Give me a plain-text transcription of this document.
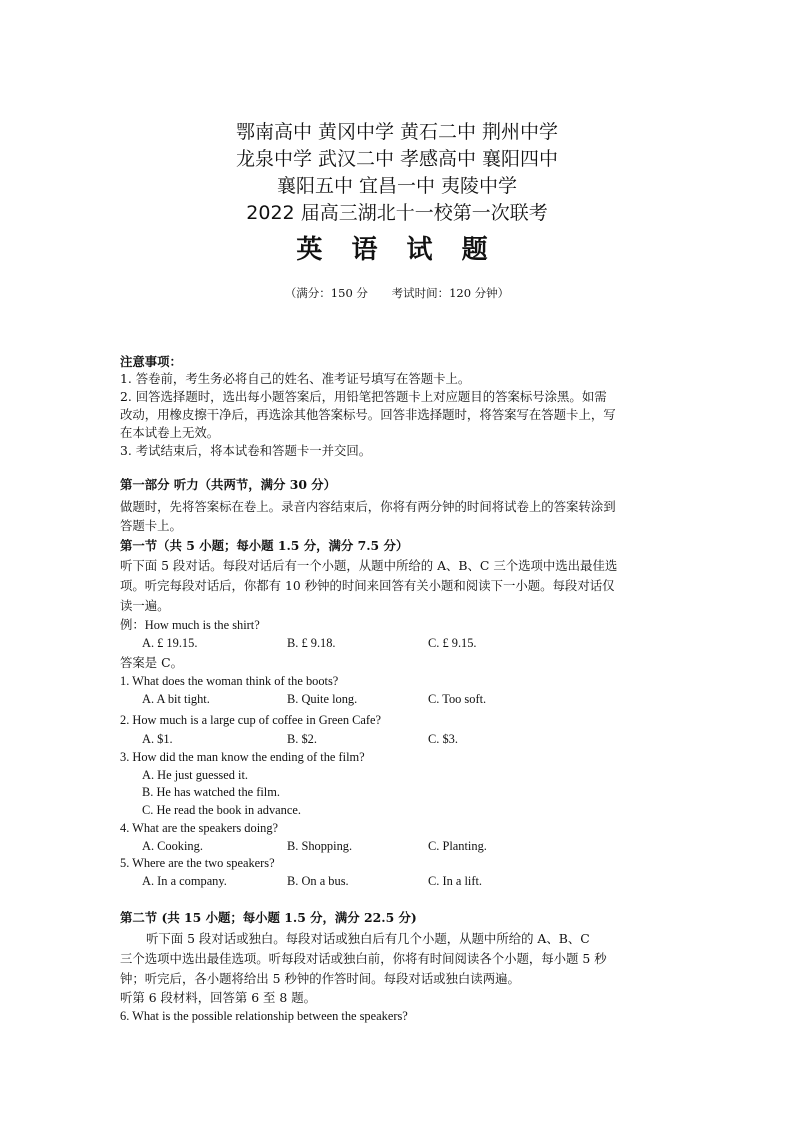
鄂南高中 黄冈中学 黄石二中 荆州中学
龙泉中学 武汉二中 孝感高中 襄阳四中
襄阳五中 宜昌一中 夷陵中学
2022 届高三湖北十一校第一次联考
英 语 试 题
（满分：150 分 考试时间：120 分钟）
注意事项：
1. 答卷前，考生务必将自己的姓名、准考证号填写在答题卡上。
2. 回答选择题时，选出每小题答案后，用铅笔把答题卡上对应题目的答案标号涂黑。如需
改动，用橡皮擦干净后，再选涂其他答案标号。回答非选择题时，将答案写在答题卡上，写
在本试卷上无效。
3. 考试结束后，将本试卷和答题卡一并交回。
第一部分 听力（共两节，满分 30 分）
做题时，先将答案标在卷上。录音内容结束后，你将有两分钟的时间将试卷上的答案转涂到
答题卡上。
第一节（共 5 小题；每小题 1.5 分，满分 7.5 分）
听下面 5 段对话。每段对话后有一个小题，从题中所给的 A、B、C 三个选项中选出最佳选
项。听完每段对话后，你都有 10 秒钟的时间来回答有关小题和阅读下一小题。每段对话仅
读一遍。
例：How much is the shirt?
A. £ 19.15.	B. £ 9.18.	C. £ 9.15.
答案是 C。
1. What does the woman think of the boots?
A. A bit tight.	B. Quite long.	C. Too soft.
2. How much is a large cup of coffee in Green Cafe?
A. $1.	B. $2.	C. $3.
3. How did the man know the ending of the film?
A. He just guessed it.
B. He has watched the film.
C. He read the book in advance.
4. What are the speakers doing?
A. Cooking.	B. Shopping.	C. Planting.
5. Where are the two speakers?
A. In a company.	B. On a bus.	C. In a lift.
第二节 (共 15 小题；每小题 1.5 分，满分 22.5 分)
听下面 5 段对话或独白。每段对话或独白后有几个小题，从题中所给的 A、B、C
三个选项中选出最佳选项。听每段对话或独白前，你将有时间阅读各个小题，每小题 5 秒
钟；听完后，各小题将给出 5 秒钟的作答时间。每段对话或独白读两遍。
听第 6 段材料，回答第 6 至 8 题。
6. What is the possible relationship between the speakers?
